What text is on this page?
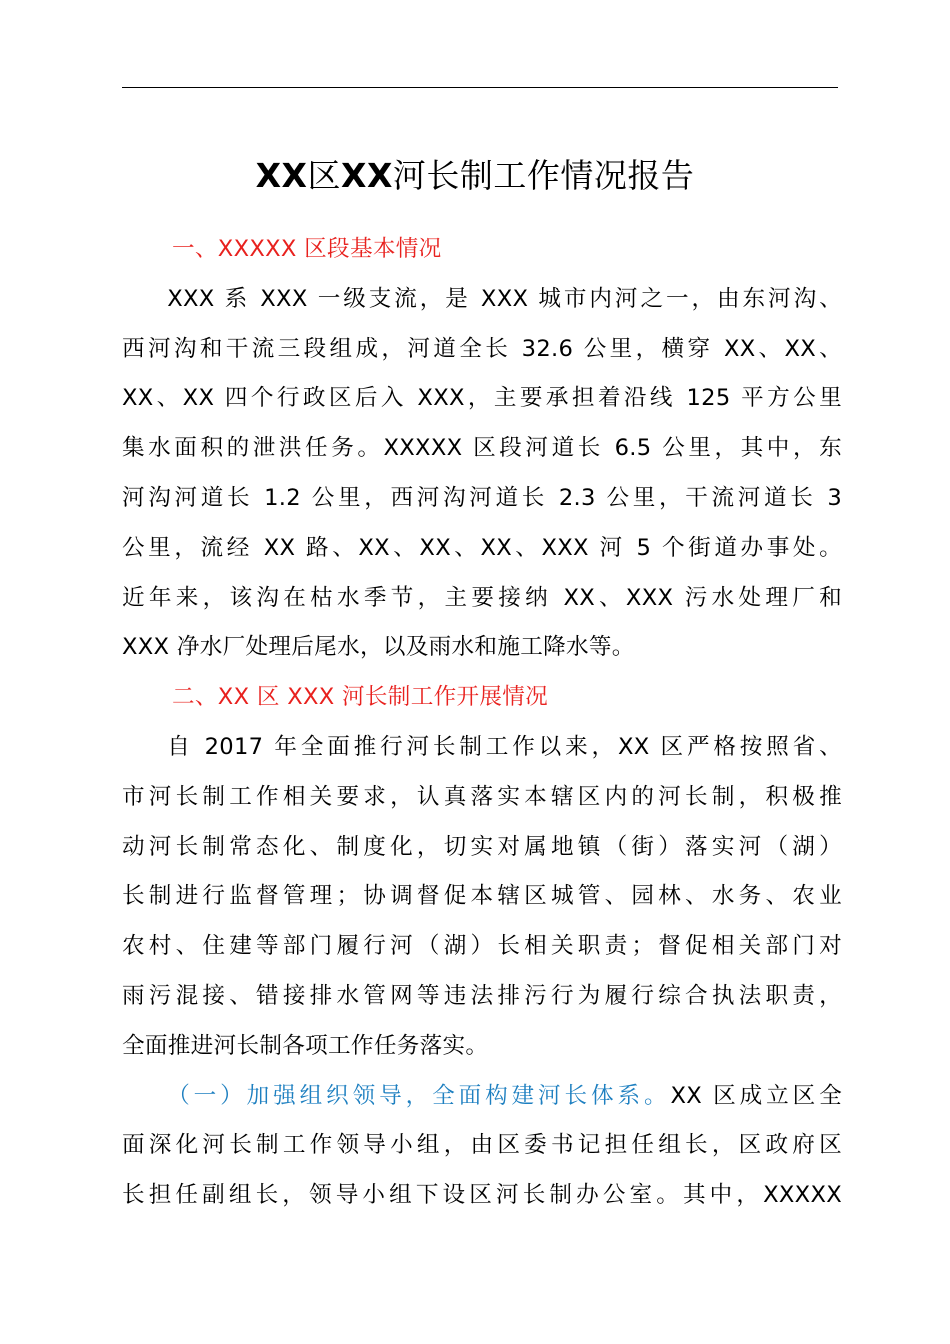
XX区XX河长制工作情况报告
一、XXXXX 区段基本情况
XXX 系 XXX 一级支流，是 XXX 城市内河之一，由东河沟、
西河沟和干流三段组成，河道全长 32.6 公里，横穿 XX、XX、
XX、XX 四个行政区后入 XXX，主要承担着沿线 125 平方公里
集水面积的泄洪任务。XXXXX 区段河道长 6.5 公里，其中，东
河沟河道长 1.2 公里，西河沟河道长 2.3 公里，干流河道长 3
公里，流经 XX 路、XX、XX、XX、XXX 河 5 个街道办事处。
近年来，该沟在枯水季节，主要接纳 XX、XXX 污水处理厂和
XXX 净水厂处理后尾水，以及雨水和施工降水等。
二、XX 区 XXX 河长制工作开展情况
自 2017 年全面推行河长制工作以来，XX 区严格按照省、
市河长制工作相关要求，认真落实本辖区内的河长制，积极推
动河长制常态化、制度化，切实对属地镇（街）落实河（湖）
长制进行监督管理；协调督促本辖区城管、园林、水务、农业
农村、住建等部门履行河（湖）长相关职责；督促相关部门对
雨污混接、错接排水管网等违法排污行为履行综合执法职责，
全面推进河长制各项工作任务落实。
（一）加强组织领导，全面构建河长体系。XX 区成立区全
面深化河长制工作领导小组，由区委书记担任组长，区政府区
长担任副组长，领导小组下设区河长制办公室。其中，XXXXX
